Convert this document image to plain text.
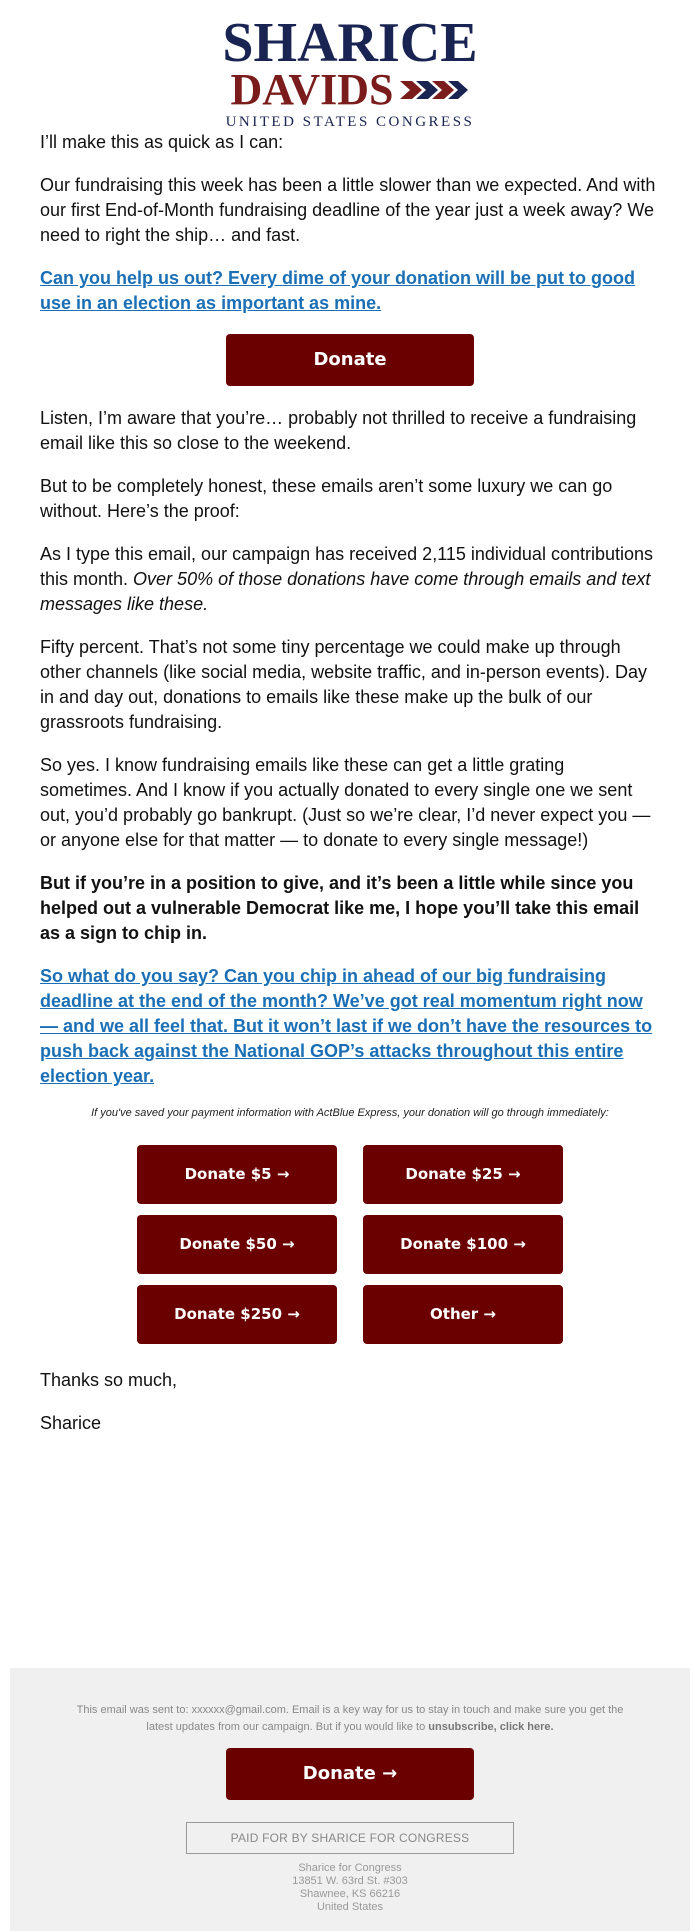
SHARICE
DAVIDS
UNITED STATES CONGRESS

I’ll make this as quick as I can:

Our fundraising this week has been a little slower than we expected. And with our first End-of-Month fundraising deadline of the year just a week away? We need to right the ship… and fast.

Can you help us out? Every dime of your donation will be put to good use in an election as important as mine.
Donate

Listen, I’m aware that you’re… probably not thrilled to receive a fundraising email like this so close to the weekend.

But to be completely honest, these emails aren’t some luxury we can go without. Here’s the proof:

As I type this email, our campaign has received 2,115 individual contributions this month. Over 50% of those donations have come through emails and text messages like these.

Fifty percent. That’s not some tiny percentage we could make up through other channels (like social media, website traffic, and in-person events). Day in and day out, donations to emails like these make up the bulk of our grassroots fundraising.

So yes. I know fundraising emails like these can get a little grating sometimes. And I know if you actually donated to every single one we sent out, you’d probably go bankrupt. (Just so we’re clear, I’d never expect you — or anyone else for that matter — to donate to every single message!)

But if you’re in a position to give, and it’s been a little while since you helped out a vulnerable Democrat like me, I hope you’ll take this email as a sign to chip in.

So what do you say? Can you chip in ahead of our big fundraising deadline at the end of the month? We’ve got real momentum right now — and we all feel that. But it won’t last if we don’t have the resources to push back against the National GOP’s attacks throughout this entire election year.

If you've saved your payment information with ActBlue Express, your donation will go through immediately:

Donate $5 →	Donate $25 →
Donate $50 →	Donate $100 →
Donate $250 →	Other →

Thanks so much,

Sharice

This email was sent to: xxxxxx@gmail.com. Email is a key way for us to stay in touch and make sure you get the latest updates from our campaign. But if you would like to unsubscribe, click here.
Donate →
PAID FOR BY SHARICE FOR CONGRESS
Sharice for Congress
13851 W. 63rd St. #303
Shawnee, KS 66216
United States
